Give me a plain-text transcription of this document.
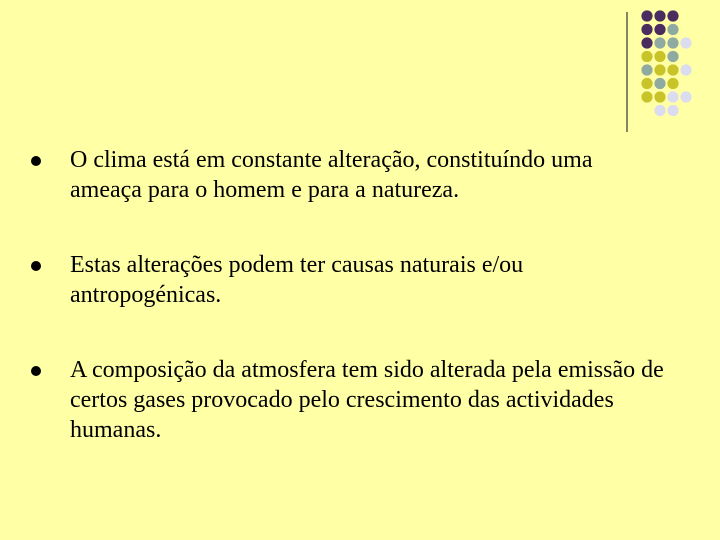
O clima está em constante alteração, constituíndo uma ameaça para o homem e para a natureza.
Estas alterações podem ter causas naturais e/ou antropogénicas.
A composição da atmosfera tem sido alterada pela emissão de certos gases provocado pelo crescimento das actividades humanas.
